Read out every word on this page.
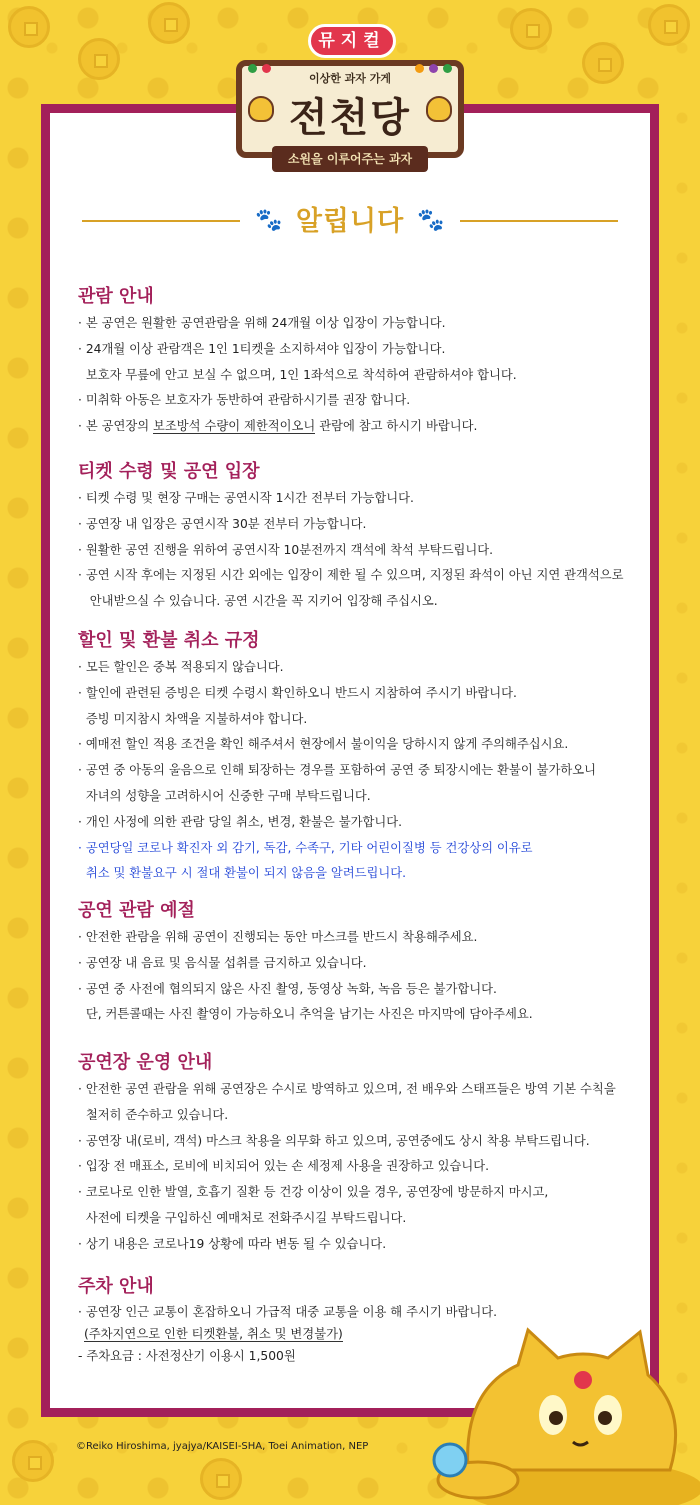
🐾 알립니다 🐾
관람 안내
· 본 공연은 원활한 공연관람을 위해 24개월 이상 입장이 가능합니다.
· 24개월 이상 관람객은 1인 1티켓을 소지하셔야 입장이 가능합니다.
보호자 무릎에 안고 보실 수 없으며, 1인 1좌석으로 착석하여 관람하셔야 합니다.
· 미취학 아동은 보호자가 동반하여 관람하시기를 권장 합니다.
· 본 공연장의 보조방석 수량이 제한적이오니 관람에 참고 하시기 바랍니다.
티켓 수령 및 공연 입장
· 티켓 수령 및 현장 구매는 공연시작 1시간 전부터 가능합니다.
· 공연장 내 입장은 공연시작 30분 전부터 가능합니다.
· 원활한 공연 진행을 위하여 공연시작 10분전까지 객석에 착석 부탁드립니다.
· 공연 시작 후에는 지정된 시간 외에는 입장이 제한 될 수 있으며, 지정된 좌석이 아닌 지연 관객석으로
안내받으실 수 있습니다. 공연 시간을 꼭 지키어 입장해 주십시오.
할인 및 환불 취소 규정
· 모든 할인은 중복 적용되지 않습니다.
· 할인에 관련된 증빙은 티켓 수령시 확인하오니 반드시 지참하여 주시기 바랍니다.
증빙 미지참시 차액을 지불하셔야 합니다.
· 예매전 할인 적용 조건을 확인 해주셔서 현장에서 불이익을 당하시지 않게 주의해주십시요.
· 공연 중 아동의 울음으로 인해 퇴장하는 경우를 포함하여 공연 중 퇴장시에는 환불이 불가하오니
자녀의 성향을 고려하시어 신중한 구매 부탁드립니다.
· 개인 사정에 의한 관람 당일 취소, 변경, 환불은 불가합니다.
· 공연당일 코로나 확진자 외 감기, 독감, 수족구, 기타 어린이질병 등 건강상의 이유로
취소 및 환불요구 시 절대 환불이 되지 않음을 알려드립니다.
공연 관람 예절
· 안전한 관람을 위해 공연이 진행되는 동안 마스크를 반드시 착용해주세요.
· 공연장 내 음료 및 음식물 섭취를 금지하고 있습니다.
· 공연 중 사전에 협의되지 않은 사진 촬영, 동영상 녹화, 녹음 등은 불가합니다.
단, 커튼콜때는 사진 촬영이 가능하오니 추억을 남기는 사진은 마지막에 담아주세요.
공연장 운영 안내
· 안전한 공연 관람을 위해 공연장은 수시로 방역하고 있으며, 전 배우와 스태프들은 방역 기본 수칙을
철저히 준수하고 있습니다.
· 공연장 내(로비, 객석) 마스크 착용을 의무화 하고 있으며, 공연중에도 상시 착용 부탁드립니다.
· 입장 전 매표소, 로비에 비치되어 있는 손 세정제 사용을 권장하고 있습니다.
· 코로나로 인한 발열, 호흡기 질환 등 건강 이상이 있을 경우, 공연장에 방문하지 마시고,
사전에 티켓을 구입하신 예매처로 전화주시길 부탁드립니다.
· 상기 내용은 코로나19 상황에 따라 변동 될 수 있습니다.
주차 안내
· 공연장 인근 교통이 혼잡하오니 가급적 대중 교통을 이용 해 주시기 바랍니다.
(주차지연으로 인한 티켓환불, 취소 및 변경불가)
- 주차요금 : 사전정산기 이용시 1,500원
뮤지컬
이상한 과자 가게
전천당
소원을 이루어주는 과자
©Reiko Hiroshima, jyajya/KAISEI-SHA, Toei Animation, NEP
